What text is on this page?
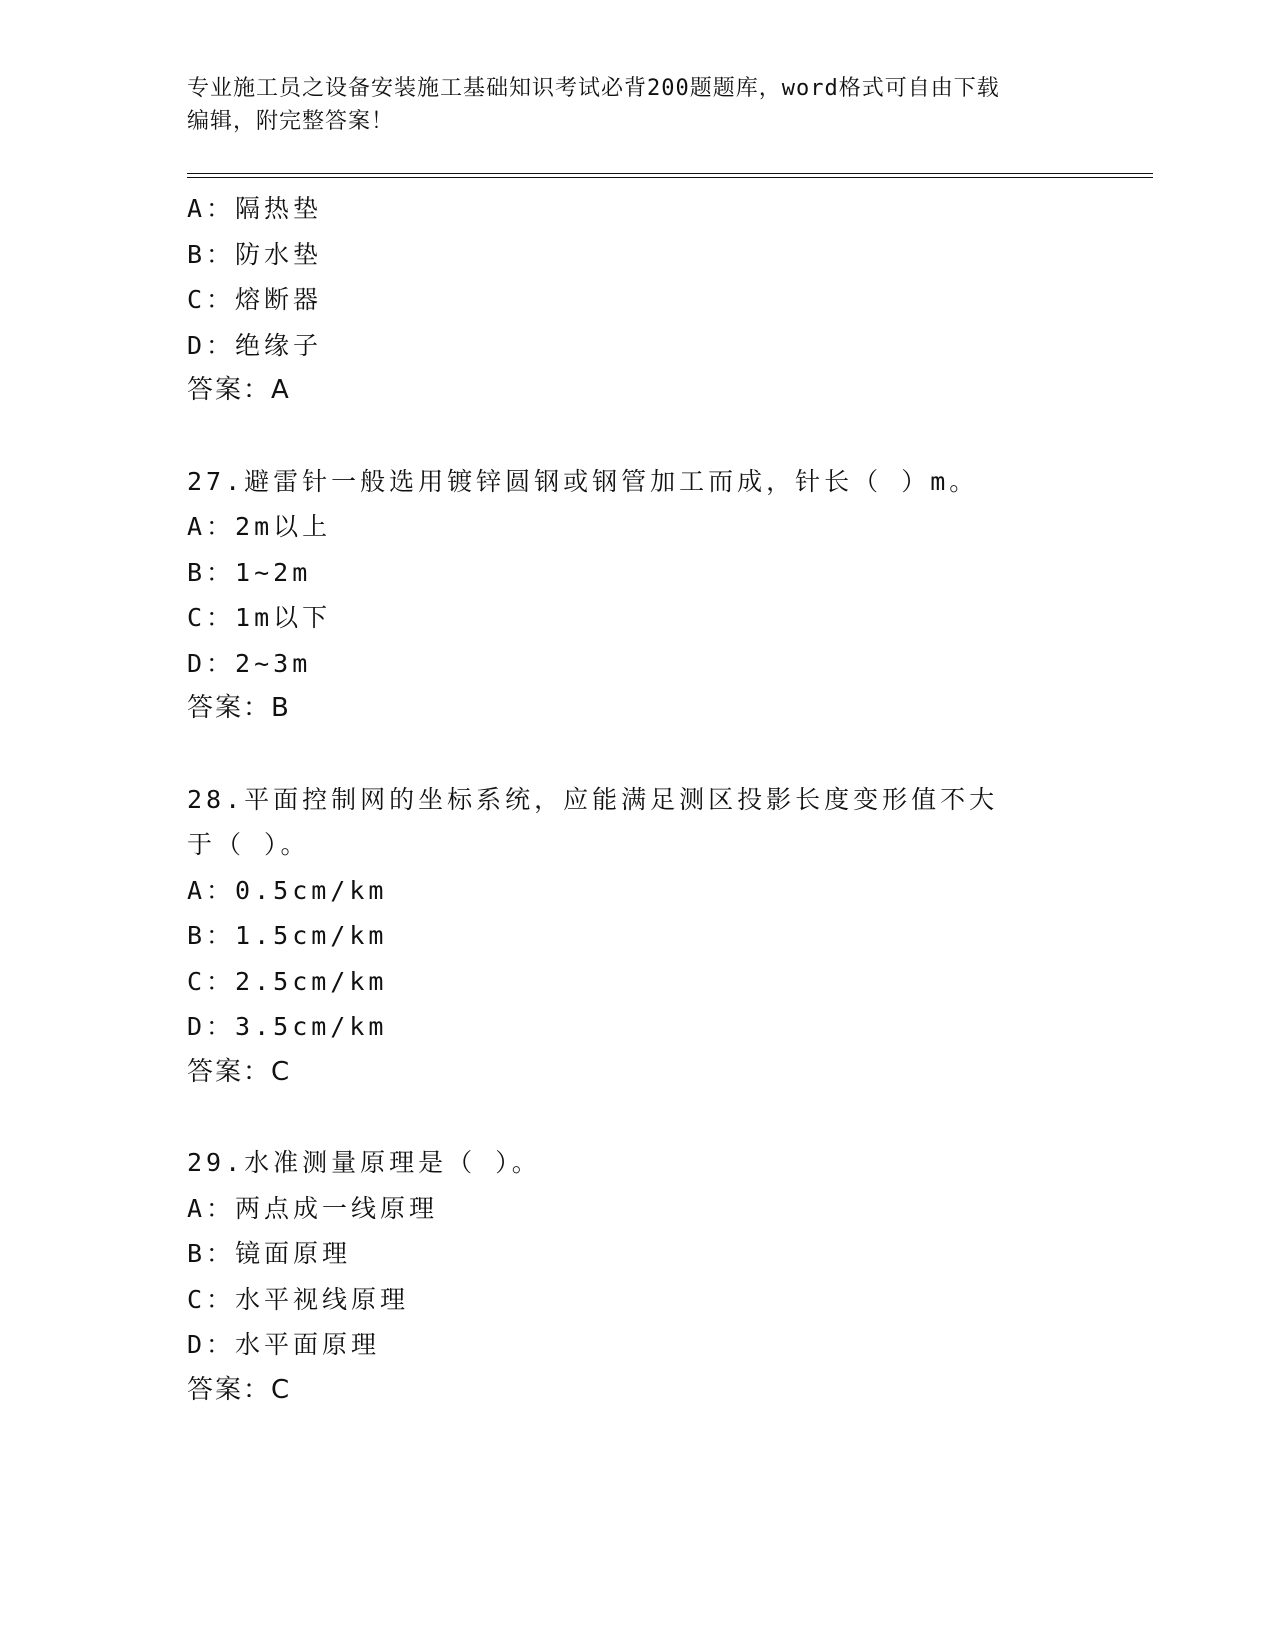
专业施工员之设备安装施工基础知识考试必背200题题库，word格式可自由下载
编辑，附完整答案！
A：隔热垫
B：防水垫
C：熔断器
D：绝缘子
答案：A
27.避雷针一般选用镀锌圆钢或钢管加工而成，针长（ ）m。
A：2m以上
B：1~2m
C：1m以下
D：2~3m
答案：B
28.平面控制网的坐标系统，应能满足测区投影长度变形值不大于（ ）。
A：0.5cm/km
B：1.5cm/km
C：2.5cm/km
D：3.5cm/km
答案：C
29.水准测量原理是（ ）。
A：两点成一线原理
B：镜面原理
C：水平视线原理
D：水平面原理
答案：C
